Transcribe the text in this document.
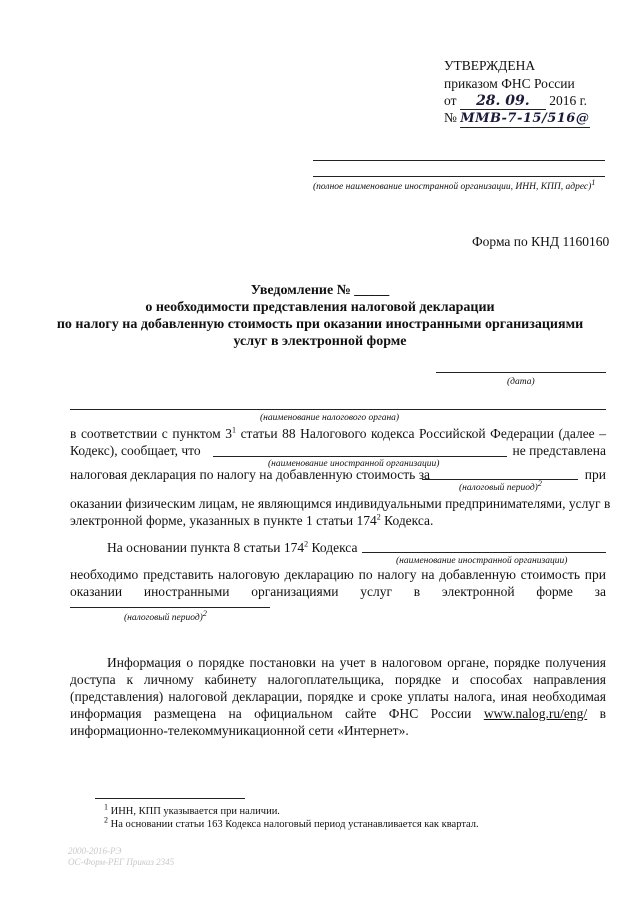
УТВЕРЖДЕНА
приказом ФНС России
от 28. 09. 2016 г.
№ ММВ-7-15/516@
(полное наименование иностранной организации, ИНН, КПП, адрес)$^1$
Форма по КНД 1160160
Уведомление № _____
о необходимости представления налоговой декларации
по налогу на добавленную стоимость при оказании иностранными организациями
услуг в электронной форме
(дата)
(наименование налогового органа)
в соответствии с пунктом $3^1$ статьи 88 Налогового кодекса Российской Федерации (далее –
Кодекс), сообщает, что	не представлена
(наименование иностранной организации)
налоговая декларация по налогу на добавленную стоимость за	при
(налоговый период)$^2$
оказании физическим лицам, не являющимся индивидуальными предпринимателями, услуг в
электронной форме, указанных в пункте 1 статьи $174^2$ Кодекса.
На основании пункта 8 статьи $174^2$ Кодекса
(наименование иностранной организации)
необходимо представить налоговую декларацию по налогу на добавленную стоимость при
оказании иностранными организациями услуг в электронной форме за
(налоговый период)$^2$
Информация о порядке постановки на учет в налоговом органе, порядке получения
доступа к личному кабинету налогоплательщика, порядке и способах направления
(представления) налоговой декларации, порядке и сроке уплаты налога, иная необходимая
информация размещена на официальном сайте ФНС России www.nalog.ru/eng/ в
информационно-телекоммуникационной сети «Интернет».
$^1$ ИНН, КПП указывается при наличии.
$^2$ На основании статьи 163 Кодекса налоговый период устанавливается как квартал.
2000-2016-РЭ
ОС-Форм-РЕГ Приказ 2345
